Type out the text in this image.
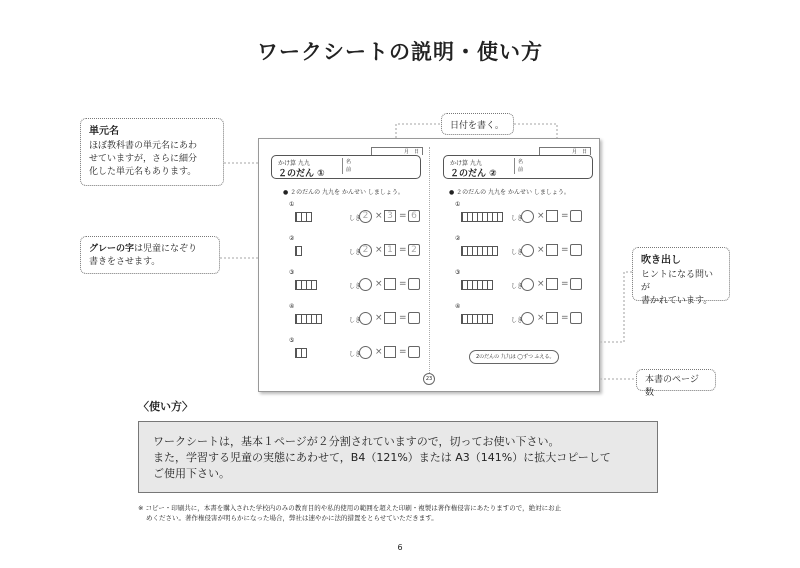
ワークシートの説明・使い方
単元名
ほぼ教科書の単元名にあわ
せていますが，さらに細分
化した単元名もあります。
日付を書く。
グレーの字は児童になぞり
書きをさせます。	吹き出し
ヒントになる問いが
書かれています。
本書のページ数
月　日
かけ算 九九
２のだん ①
名
前
月　日
かけ算 九九
２のだん ②
名
前
● ２のだんの 九九を かんせい しましょう。	● ２のだんの 九九を かんせい しましょう。
①
しき 2 × 3 = 6
②
しき 2 × 1 = 2
③
しき × =
④
しき × =
⑤
しき × =
①
しき × =
②
しき × =
③
しき × =
④
しき × =
2のだんの 九九は ◯ずつ ふえる。
23
〈使い方〉
ワークシートは，基本１ページが２分割されていますので，切ってお使い下さい。
また，学習する児童の実態にあわせて，B4（121%）または A3（141%）に拡大コピーして
ご使用下さい。
※ コピー・印刷共に，本書を購入された学校内のみの教育目的や私的使用の範囲を超えた印刷・複製は著作権侵害にあたりますので，絶対にお止
めください。著作権侵害が明らかになった場合，弊社は速やかに法的措置をとらせていただきます。
6
